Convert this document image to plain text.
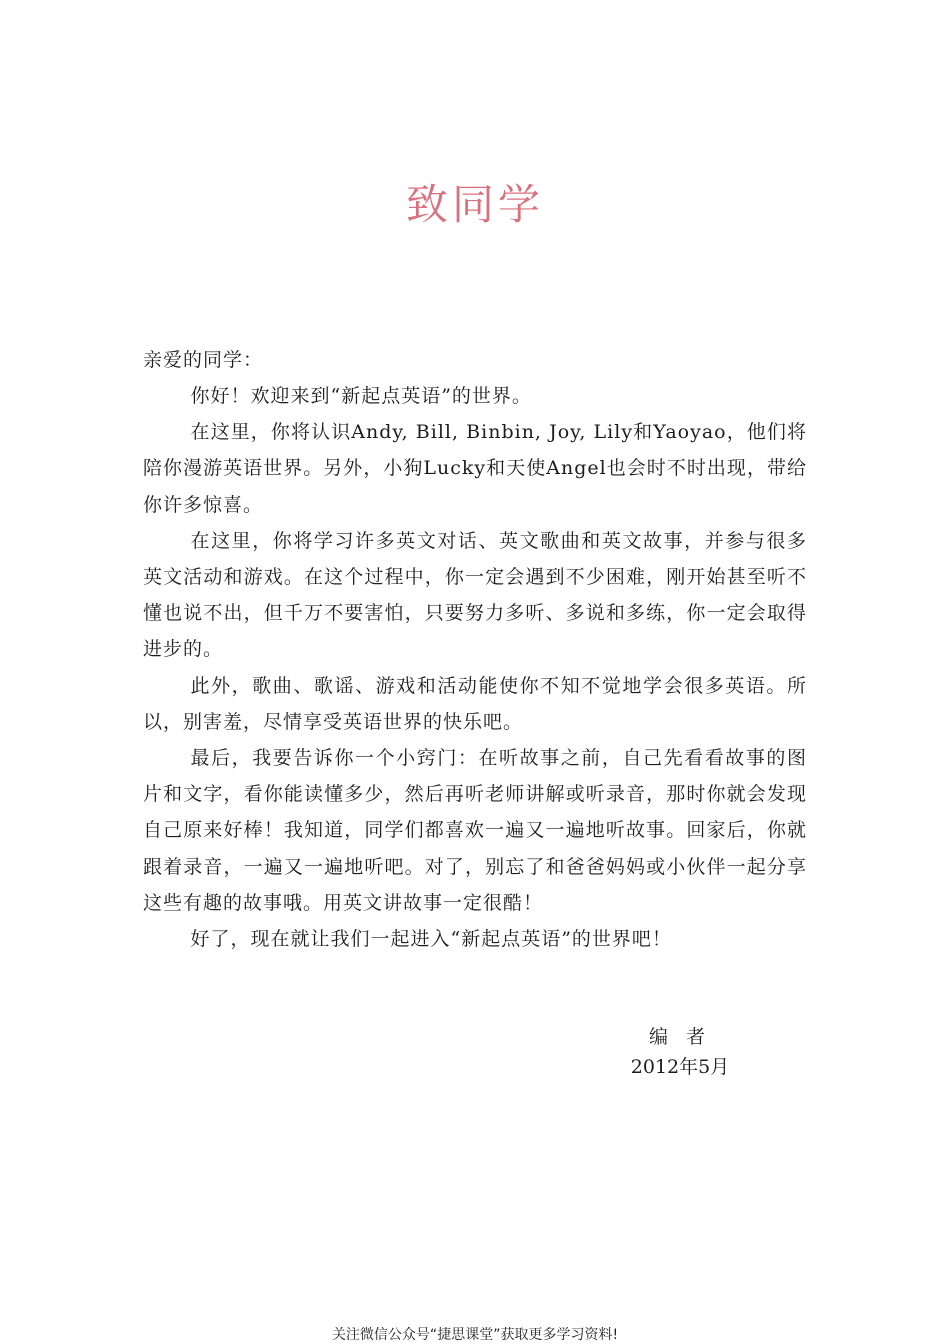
致同学

亲爱的同学：

你好！欢迎来到“新起点英语”的世界。

在这里，你将认识Andy, Bill, Binbin, Joy, Lily和Yaoyao，他们将陪你漫游英语世界。另外，小狗Lucky和天使Angel也会时不时出现，带给你许多惊喜。

在这里，你将学习许多英文对话、英文歌曲和英文故事，并参与很多英文活动和游戏。在这个过程中，你一定会遇到不少困难，刚开始甚至听不懂也说不出，但千万不要害怕，只要努力多听、多说和多练，你一定会取得进步的。

此外，歌曲、歌谣、游戏和活动能使你不知不觉地学会很多英语。所以，别害羞，尽情享受英语世界的快乐吧。

最后，我要告诉你一个小窍门：在听故事之前，自己先看看故事的图片和文字，看你能读懂多少，然后再听老师讲解或听录音，那时你就会发现自己原来好棒！我知道，同学们都喜欢一遍又一遍地听故事。回家后，你就跟着录音，一遍又一遍地听吧。对了，别忘了和爸爸妈妈或小伙伴一起分享这些有趣的故事哦。用英文讲故事一定很酷！

好了，现在就让我们一起进入“新起点英语”的世界吧！

编者
2012年5月
关注微信公众号“捷思课堂”获取更多学习资料!
